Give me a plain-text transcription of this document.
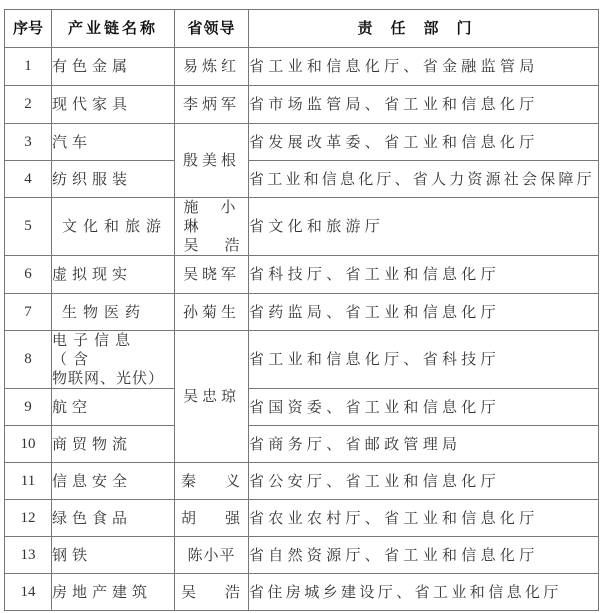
序号	产业链名称	省领导	责任部门
1	有色金属	易炼红	省工业和信息化厅、省金融监管局
2	现代家具	李炳军	省市场监管局、省工业和信息化厅
3	汽车	殷美根	省发展改革委、省工业和信息化厅
4	纺织服装		省工业和信息化厅、省人力资源社会保障厅
5	文化和旅游	施小琳
吴 浩	省文化和旅游厅
6	虚拟现实	吴晓军	省科技厅、省工业和信息化厅
7	生物医药	孙菊生	省药监局、省工业和信息化厅
8	电子信息（含
物联网、光伏）	吴忠琼	省工业和信息化厅、省科技厅
9	航空		省国资委、省工业和信息化厅
10	商贸物流		省商务厅、省邮政管理局
11	信息安全	秦 义	省公安厅、省工业和信息化厅
12	绿色食品	胡 强	省农业农村厅、省工业和信息化厅
13	钢铁	陈小平	省自然资源厅、省工业和信息化厅
14	房地产建筑	吴 浩	省住房城乡建设厅、省工业和信息化厅
